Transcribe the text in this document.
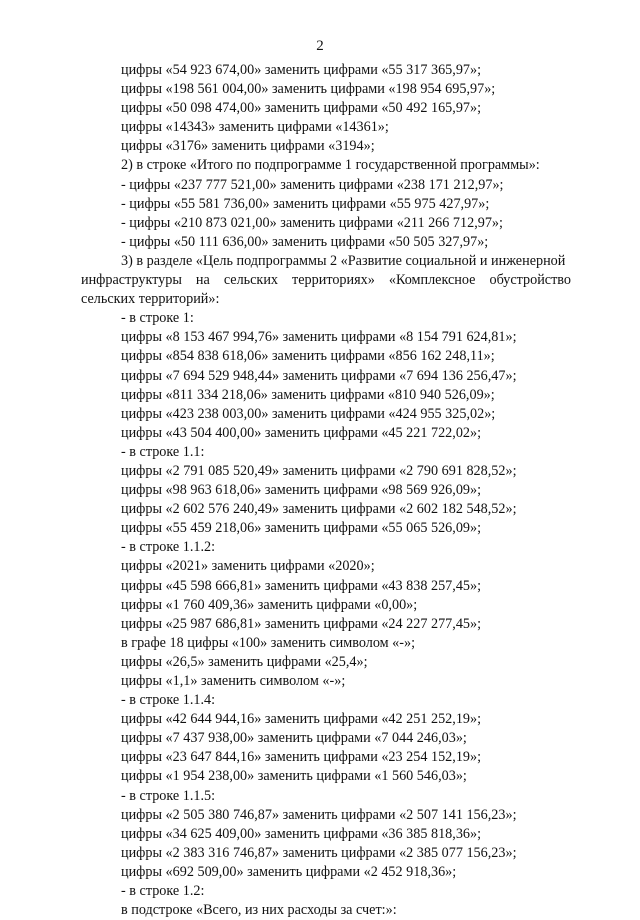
2
цифры «54 923 674,00» заменить цифрами «55 317 365,97»;
цифры «198 561 004,00» заменить цифрами «198 954 695,97»;
цифры «50 098 474,00» заменить цифрами «50 492 165,97»;
цифры «14343» заменить цифрами «14361»;
цифры «3176» заменить цифрами «3194»;
2) в строке «Итого по подпрограмме 1 государственной программы»:
- цифры «237 777 521,00» заменить цифрами «238 171 212,97»;
- цифры «55 581 736,00» заменить цифрами «55 975 427,97»;
- цифры «210 873 021,00» заменить цифрами «211 266 712,97»;
- цифры «50 111 636,00» заменить цифрами «50 505 327,97»;
3) в разделе «Цель подпрограммы 2 «Развитие социальной и инженерной
инфраструктуры на сельских территориях» «Комплексное обустройство
сельских территорий»:
- в строке 1:
цифры «8 153 467 994,76» заменить цифрами «8 154 791 624,81»;
цифры «854 838 618,06» заменить цифрами «856 162 248,11»;
цифры «7 694 529 948,44» заменить цифрами «7 694 136 256,47»;
цифры «811 334 218,06» заменить цифрами «810 940 526,09»;
цифры «423 238 003,00» заменить цифрами «424 955 325,02»;
цифры «43 504 400,00» заменить цифрами «45 221 722,02»;
- в строке 1.1:
цифры «2 791 085 520,49» заменить цифрами «2 790 691 828,52»;
цифры «98 963 618,06» заменить цифрами «98 569 926,09»;
цифры «2 602 576 240,49» заменить цифрами «2 602 182 548,52»;
цифры «55 459 218,06» заменить цифрами «55 065 526,09»;
- в строке 1.1.2:
цифры «2021» заменить цифрами «2020»;
цифры «45 598 666,81» заменить цифрами «43 838 257,45»;
цифры «1 760 409,36» заменить цифрами «0,00»;
цифры «25 987 686,81» заменить цифрами «24 227 277,45»;
в графе 18 цифры «100» заменить символом «-»;
цифры «26,5» заменить цифрами «25,4»;
цифры «1,1» заменить символом «-»;
- в строке 1.1.4:
цифры «42 644 944,16» заменить цифрами «42 251 252,19»;
цифры «7 437 938,00» заменить цифрами «7 044 246,03»;
цифры «23 647 844,16» заменить цифрами «23 254 152,19»;
цифры «1 954 238,00» заменить цифрами «1 560 546,03»;
- в строке 1.1.5:
цифры «2 505 380 746,87» заменить цифрами «2 507 141 156,23»;
цифры «34 625 409,00» заменить цифрами «36 385 818,36»;
цифры «2 383 316 746,87» заменить цифрами «2 385 077 156,23»;
цифры «692 509,00» заменить цифрами «2 452 918,36»;
- в строке 1.2:
в подстроке «Всего, из них расходы за счет:»:
